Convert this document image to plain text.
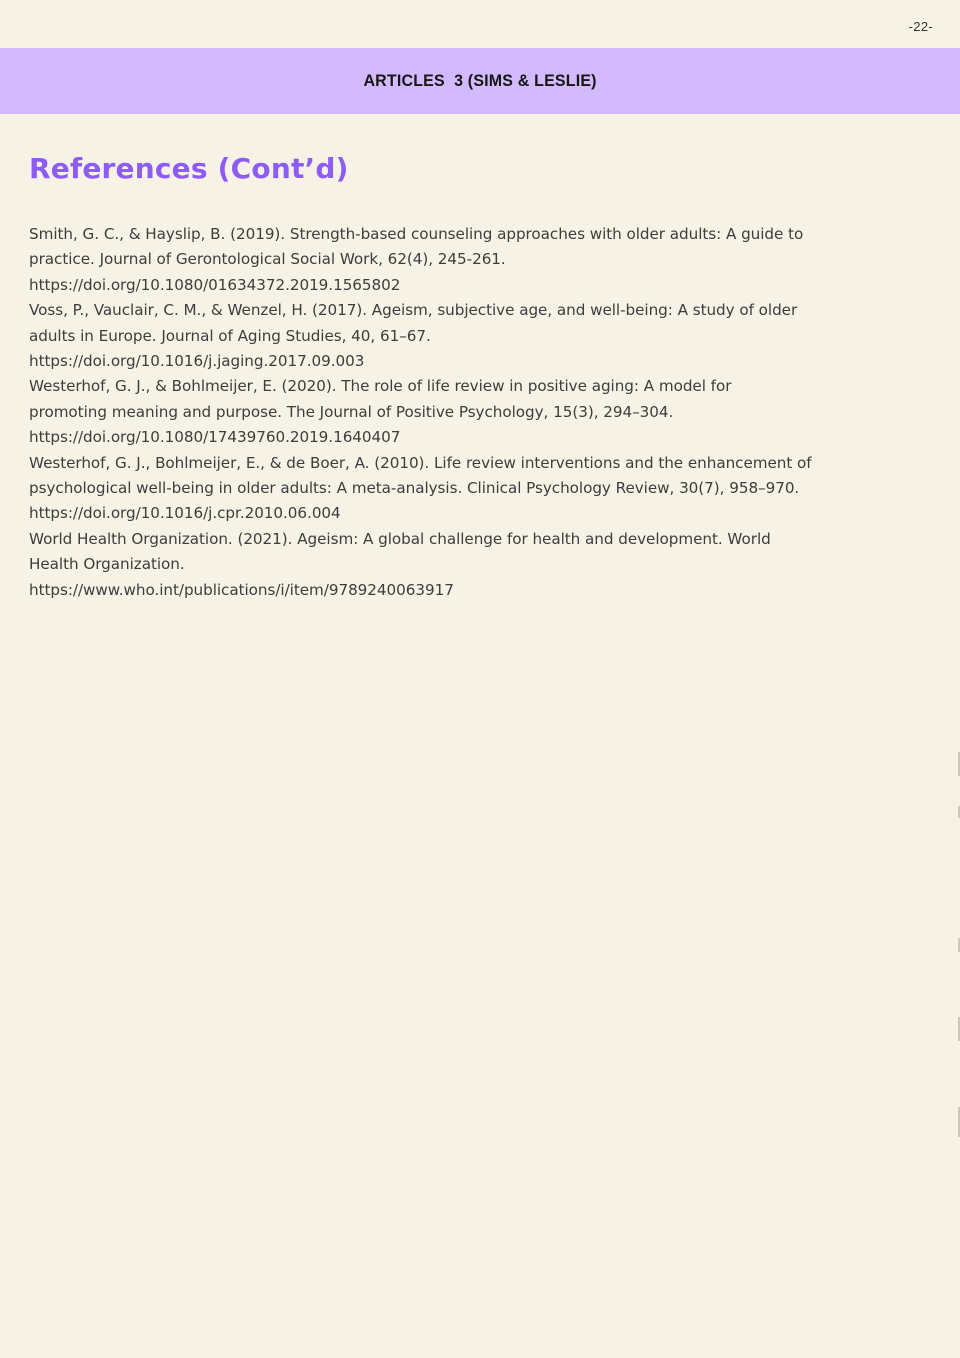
-22-
ARTICLES  3 (SIMS & LESLIE)
References (Cont’d)
Smith, G. C., & Hayslip, B. (2019). Strength-based counseling approaches with older adults: A guide to
practice. Journal of Gerontological Social Work, 62(4), 245-261.
https://doi.org/10.1080/01634372.2019.1565802
Voss, P., Vauclair, C. M., & Wenzel, H. (2017). Ageism, subjective age, and well-being: A study of older
adults in Europe. Journal of Aging Studies, 40, 61–67.
https://doi.org/10.1016/j.jaging.2017.09.003
Westerhof, G. J., & Bohlmeijer, E. (2020). The role of life review in positive aging: A model for
promoting meaning and purpose. The Journal of Positive Psychology, 15(3), 294–304.
https://doi.org/10.1080/17439760.2019.1640407
Westerhof, G. J., Bohlmeijer, E., & de Boer, A. (2010). Life review interventions and the enhancement of
psychological well-being in older adults: A meta-analysis. Clinical Psychology Review, 30(7), 958–970.
https://doi.org/10.1016/j.cpr.2010.06.004
World Health Organization. (2021). Ageism: A global challenge for health and development. World
Health Organization.
https://www.who.int/publications/i/item/9789240063917
